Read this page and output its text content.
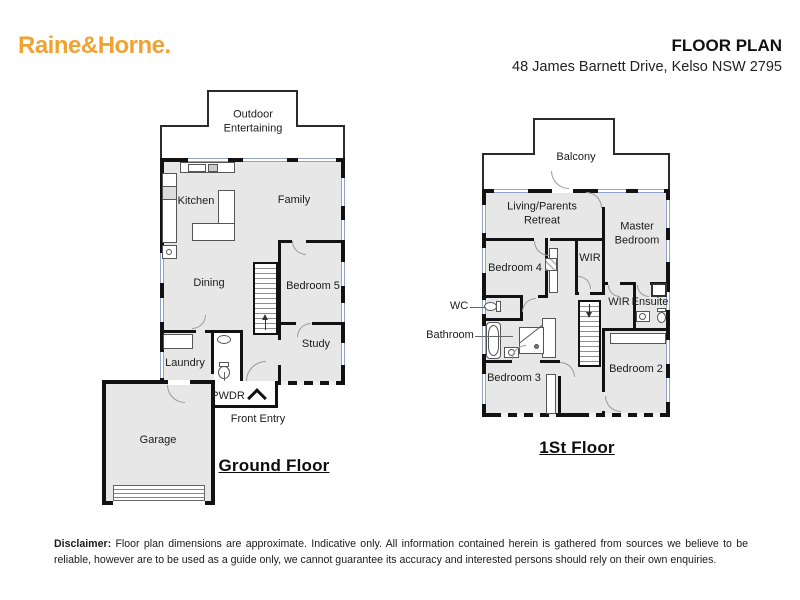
Raine&Horne.	FLOOR PLAN
48 James Barnett Drive, Kelso NSW 2795
Outdoor Entertaining
Kitchen	Family
Dining	Bedroom 5
Study
Laundry
PWDR
Front Entry
Garage
Ground Floor
Balcony
WC
Bathroom
Living/Parents Retreat
Master Bedroom
WIR
Bedroom 4
WIR Ensuite
Bedroom 3
Bedroom 2
1St Floor
Disclaimer: Floor plan dimensions are approximate. Indicative only. All information contained herein is gathered from sources we believe to be reliable, however are to be used as a guide only, we cannot guarantee its accuracy and interested persons should rely on their own enquiries.
